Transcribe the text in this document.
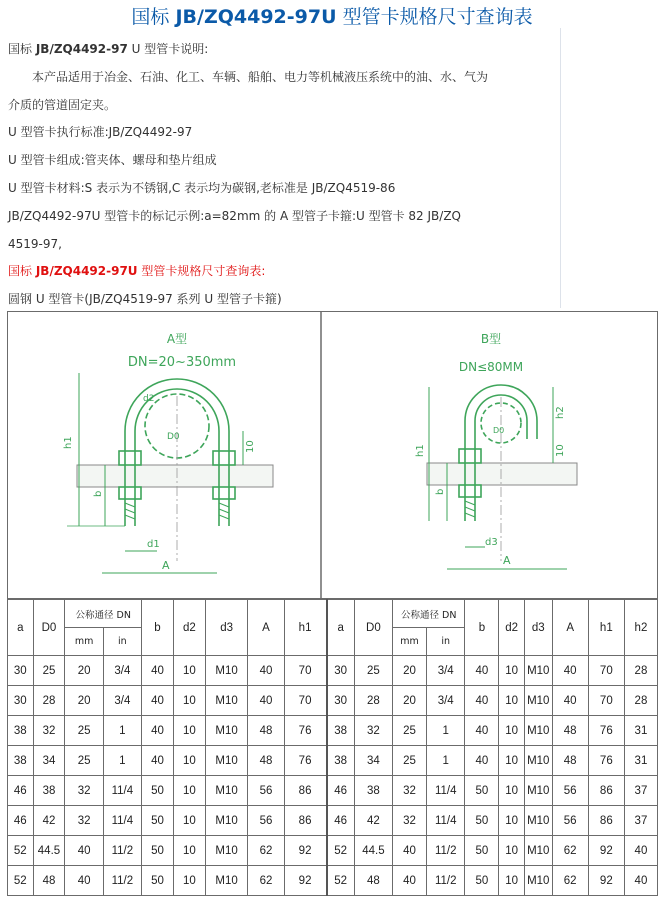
国标 JB/ZQ4492-97U 型管卡规格尺寸查询表
国标 JB/ZQ4492-97 U 型管卡说明:
本产品适用于冶金、石油、化工、车辆、船舶、电力等机械液压系统中的油、水、气为
介质的管道固定夹。
U 型管卡执行标准:JB/ZQ4492-97
U 型管卡组成:管夹体、螺母和垫片组成
U 型管卡材料:S 表示为不锈钢,C 表示均为碳钢,老标准是 JB/ZQ4519-86
JB/ZQ4492-97U 型管卡的标记示例:a=82mm 的 A 型管子卡箍:U 型管卡 82 JB/ZQ
4519-97,
国标 JB/ZQ4492-97U 型管卡规格尺寸查询表:
圆钢 U 型管卡(JB/ZQ4519-97 系列 U 型管子卡箍)
A型
DN=20~350mm
h1
b
10
d1
A
D0
d2
B型
DN≤80MM
h1
b
h2
10
d3
A
D0
a	D0	公称通径 DN		b	d2	d3	A	h1	a	D0	公称通径 DN		b	d2	d3	A	h1	h2
		mm	in								mm	in						
30	25	20	3/4	40	10	M10	40	70	30	25	20	3/4	40	10	M10	40	70	28
30	28	20	3/4	40	10	M10	40	70	30	28	20	3/4	40	10	M10	40	70	28
38	32	25	1	40	10	M10	48	76	38	32	25	1	40	10	M10	48	76	31
38	34	25	1	40	10	M10	48	76	38	34	25	1	40	10	M10	48	76	31
46	38	32	11/4	50	10	M10	56	86	46	38	32	11/4	50	10	M10	56	86	37
46	42	32	11/4	50	10	M10	56	86	46	42	32	11/4	50	10	M10	56	86	37
52	44.5	40	11/2	50	10	M10	62	92	52	44.5	40	11/2	50	10	M10	62	92	40
52	48	40	11/2	50	10	M10	62	92	52	48	40	11/2	50	10	M10	62	92	40
